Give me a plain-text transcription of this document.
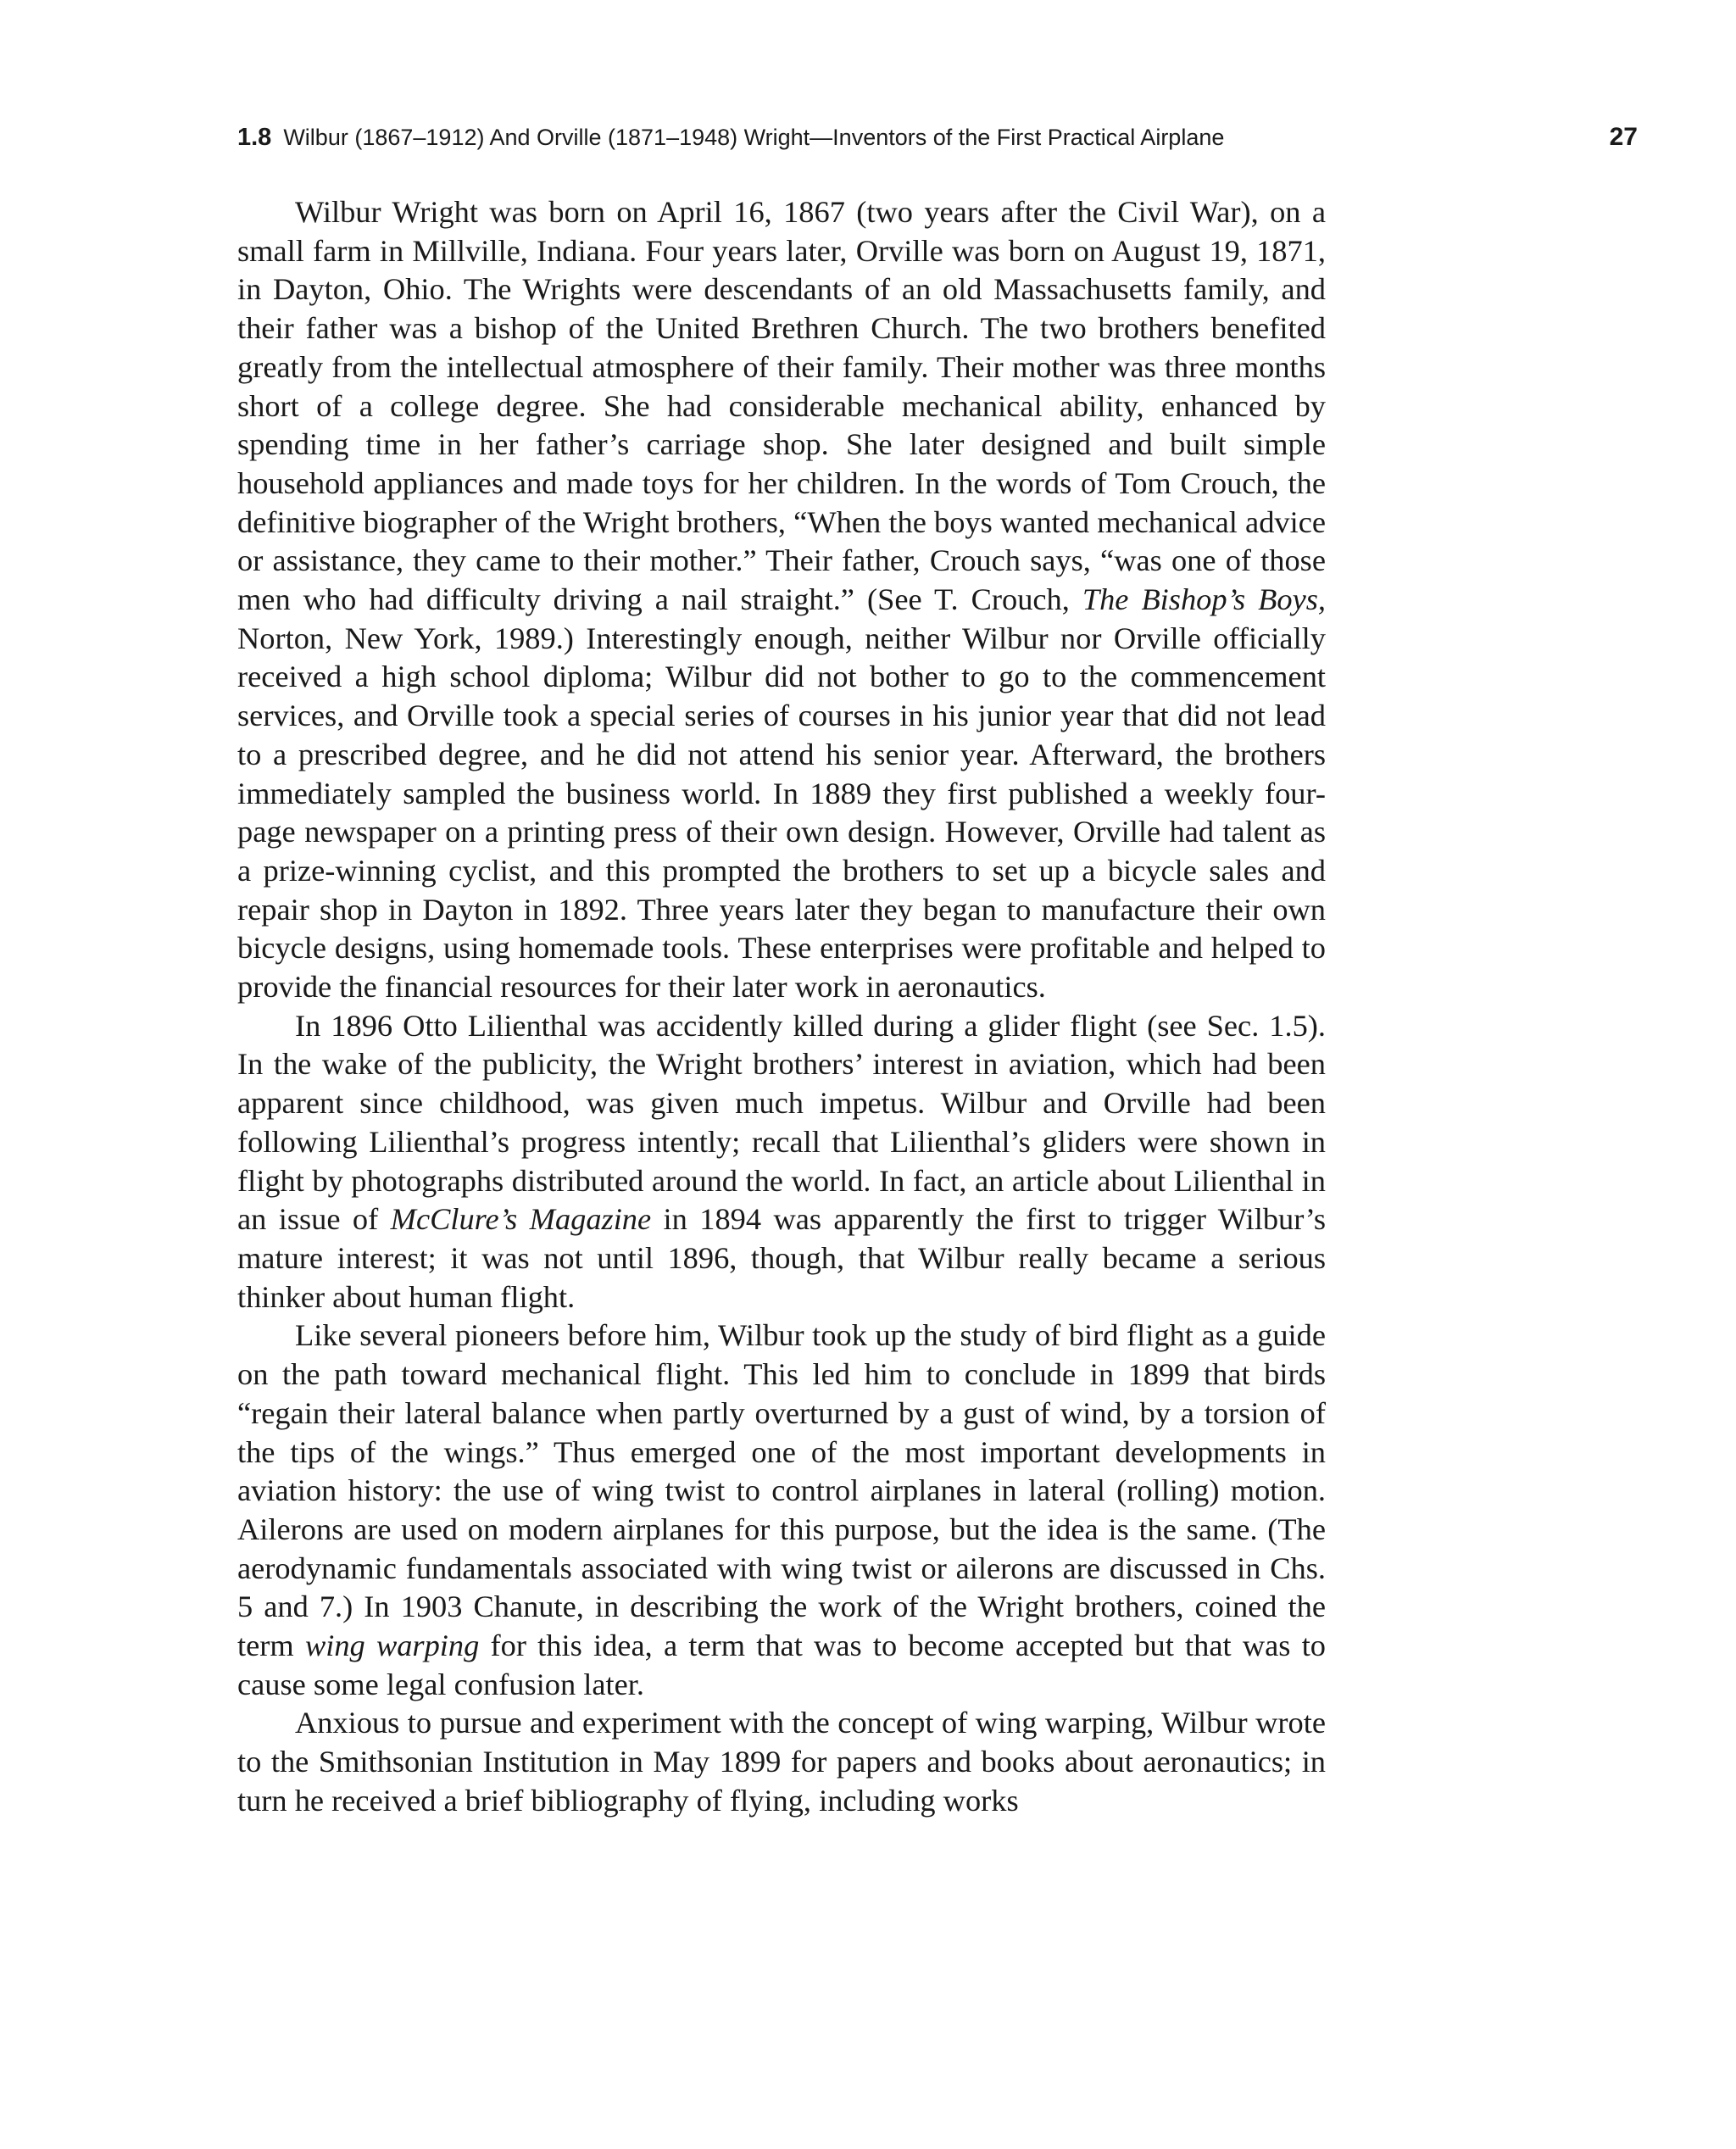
1.8 Wilbur (1867–1912) And Orville (1871–1948) Wright—Inventors of the First Practical Airplane	27

Wilbur Wright was born on April 16, 1867 (two years after the Civil War), on a small farm in Millville, Indiana. Four years later, Orville was born on August 19, 1871, in Dayton, Ohio. The Wrights were descendants of an old Massachusetts family, and their father was a bishop of the United Brethren Church. The two brothers benefited greatly from the intellectual atmosphere of their family. Their mother was three months short of a college degree. She had considerable mechanical ability, enhanced by spending time in her father’s carriage shop. She later designed and built simple household appliances and made toys for her children. In the words of Tom Crouch, the definitive biographer of the Wright brothers, “When the boys wanted mechanical advice or assistance, they came to their mother.” Their father, Crouch says, “was one of those men who had difficulty driving a nail straight.” (See T. Crouch, The Bishop’s Boys, Norton, New York, 1989.) Interestingly enough, neither Wilbur nor Orville officially received a high school diploma; Wilbur did not bother to go to the commencement services, and Orville took a special series of courses in his junior year that did not lead to a prescribed degree, and he did not attend his senior year. Afterward, the brothers immediately sampled the business world. In 1889 they first published a weekly four-page newspaper on a printing press of their own design. However, Orville had talent as a prize-winning cyclist, and this prompted the brothers to set up a bicycle sales and repair shop in Dayton in 1892. Three years later they began to manufacture their own bicycle designs, using homemade tools. These enterprises were profitable and helped to provide the financial resources for their later work in aeronautics.

In 1896 Otto Lilienthal was accidently killed during a glider flight (see Sec. 1.5). In the wake of the publicity, the Wright brothers’ interest in aviation, which had been apparent since childhood, was given much impetus. Wilbur and Orville had been following Lilienthal’s progress intently; recall that Lilienthal’s gliders were shown in flight by photographs distributed around the world. In fact, an article about Lilienthal in an issue of McClure’s Magazine in 1894 was apparently the first to trigger Wilbur’s mature interest; it was not until 1896, though, that Wilbur really became a serious thinker about human flight.

Like several pioneers before him, Wilbur took up the study of bird flight as a guide on the path toward mechanical flight. This led him to conclude in 1899 that birds “regain their lateral balance when partly overturned by a gust of wind, by a torsion of the tips of the wings.” Thus emerged one of the most important developments in aviation history: the use of wing twist to control airplanes in lateral (rolling) motion. Ailerons are used on modern airplanes for this purpose, but the idea is the same. (The aerodynamic fundamentals associated with wing twist or ailerons are discussed in Chs. 5 and 7.) In 1903 Chanute, in describing the work of the Wright brothers, coined the term wing warping for this idea, a term that was to become accepted but that was to cause some legal confusion later.

Anxious to pursue and experiment with the concept of wing warping, Wilbur wrote to the Smithsonian Institution in May 1899 for papers and books about aeronautics; in turn he received a brief bibliography of flying, including works
